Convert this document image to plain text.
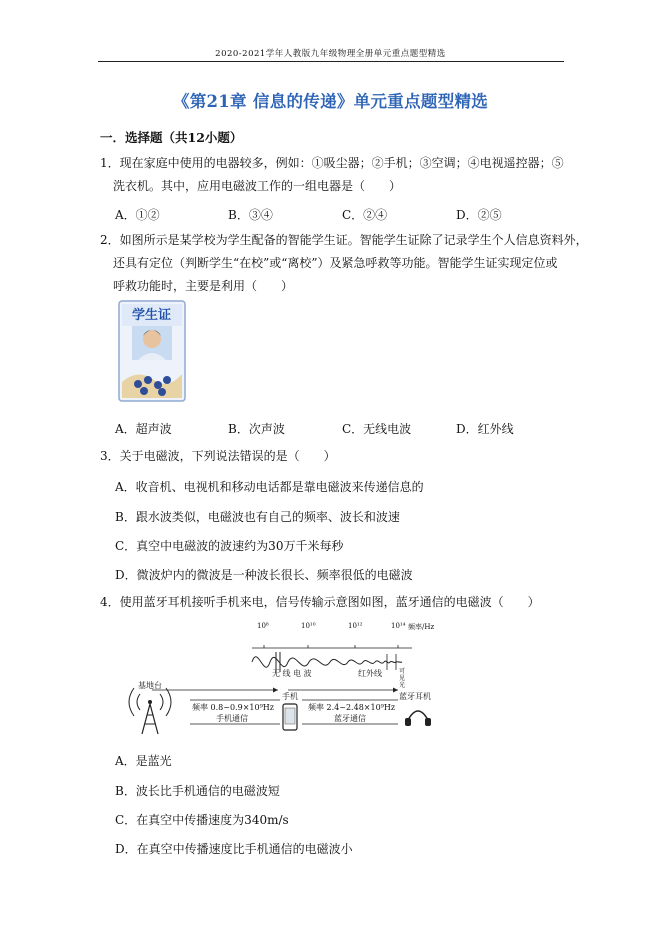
2020-2021学年人教版九年级物理全册单元重点题型精选
《第21章 信息的传递》单元重点题型精选
一．选择题（共12小题）
1．现在家庭中使用的电器较多，例如：①吸尘器；②手机；③空调；④电视遥控器；⑤
洗衣机。其中，应用电磁波工作的一组电器是（　　）
A．①②	B．③④	C．②④	D．②⑤
2．如图所示是某学校为学生配备的智能学生证。智能学生证除了记录学生个人信息资料外，
还具有定位（判断学生“在校”或“离校”）及紧急呼救等功能。智能学生证实现定位或
呼救功能时，主要是利用（　　）
学生证
A．超声波	B．次声波	C．无线电波	D．红外线
3．关于电磁波，下列说法错误的是（　　）
A．收音机、电视机和移动电话都是靠电磁波来传递信息的
B．跟水波类似，电磁波也有自己的频率、波长和波速
C．真空中电磁波的波速约为30万千米每秒
D．微波炉内的微波是一种波长很长、频率很低的电磁波
4．使用蓝牙耳机接听手机来电，信号传输示意图如图，蓝牙通信的电磁波（　　）
10⁸	10¹⁰	10¹²	10¹⁴ 频率/Hz
无 线 电 波	红外线	可见光
基地台
手机	蓝牙耳机
频率 0.8~0.9×10⁹Hz
手机通信
频率 2.4~2.48×10⁹Hz
蓝牙通信
A．是蓝光
B．波长比手机通信的电磁波短
C．在真空中传播速度为340m/s
D．在真空中传播速度比手机通信的电磁波小
